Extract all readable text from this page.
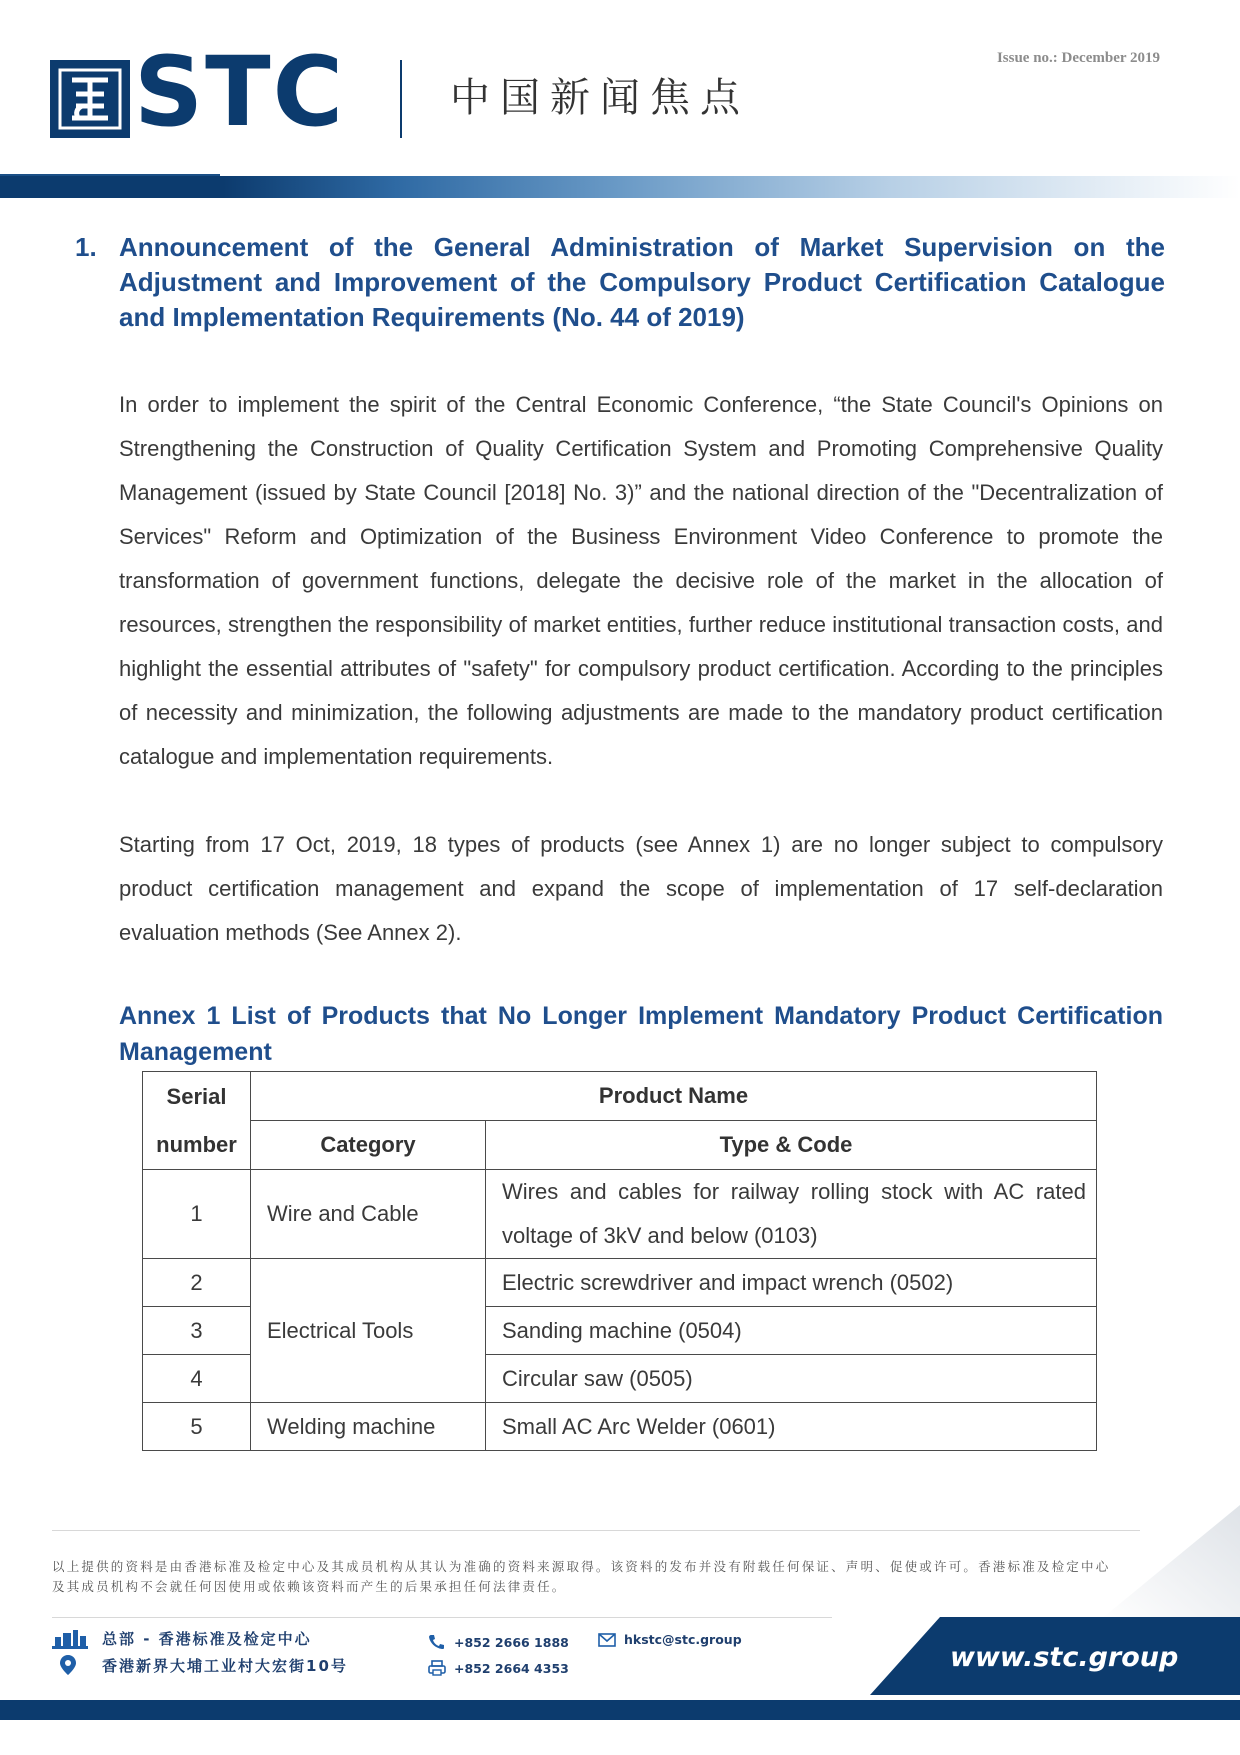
STC	中国新闻焦点
Issue no.: December 2019
1. Announcement of the General Administration of Market Supervision on the Adjustment and Improvement of the Compulsory Product Certification Catalogue and Implementation Requirements (No. 44 of 2019)

In order to implement the spirit of the Central Economic Conference, “the State Council's Opinions on Strengthening the Construction of Quality Certification System and Promoting Comprehensive Quality Management (issued by State Council [2018] No. 3)” and the national direction of the "Decentralization of Services" Reform and Optimization of the Business Environment Video Conference to promote the transformation of government functions, delegate the decisive role of the market in the allocation of resources, strengthen the responsibility of market entities, further reduce institutional transaction costs, and highlight the essential attributes of "safety" for compulsory product certification. According to the principles of necessity and minimization, the following adjustments are made to the mandatory product certification catalogue and implementation requirements.

Starting from 17 Oct, 2019, 18 types of products (see Annex 1) are no longer subject to compulsory product certification management and expand the scope of implementation of 17 self-declaration evaluation methods (See Annex 2).

Annex 1 List of Products that No Longer Implement Mandatory Product Certification Management
Serial
number	Product Name	
	Category	Type & Code
1	Wire and Cable	Wires and cables for railway rolling stock with AC rated voltage of 3kV and below (0103)
2	Electrical Tools	Electric screwdriver and impact wrench (0502)
3		Sanding machine (0504)
4		Circular saw (0505)
5	Welding machine	Small AC Arc Welder (0601)

以上提供的资料是由香港标准及检定中心及其成员机构从其认为准确的资料来源取得。该资料的发布并没有附载任何保证、声明、促使或许可。香港标准及检定中心及其成员机构不会就任何因使用或依赖该资料而产生的后果承担任何法律责任。

总部 - 香港标准及检定中心
香港新界大埔工业村大宏街10号
+852 2666 1888
+852 2664 4353
hkstc@stc.group
www.stc.group
